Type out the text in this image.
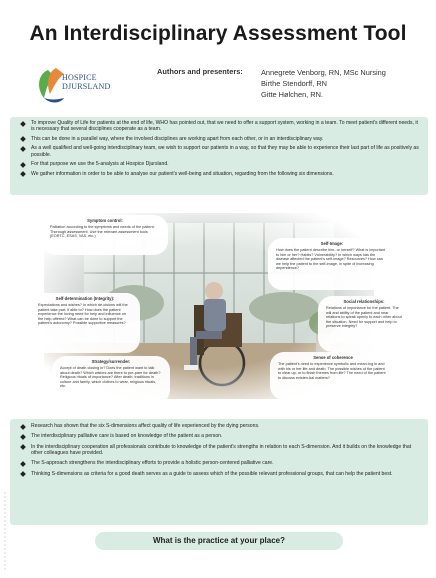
An Interdisciplinary Assessment Tool
HOSPICE
DJURSLAND
Authors and presenters: Annegrete Venborg, RN, MSc Nursing
Birthe Stendorff, RN
Gitte Hølchen, RN.
To improve Quality of Life for patients at the end of life, WHO has pointed out, that we need to offer a support system, working in a team. To meet patient's different needs, it is necessary that several disciplines cooperate as a team.
This can be done in a parallel way, where the involved disciplines are working apart from each other, or in an interdisciplinary way.
As a well qualified and well-going interdisciplinary team, we wish to support our patients in a way, so that they may be able to experience their last part of life as positively as possible.
For that purpose we use the 5-analysis at Hospice Djursland.
We gather information in order to be able to analyse our patient's well-being and situation, regarding from the following six dimensions.
Symptom control:
Palliation according to the symptoms and needs of the patient. Thorough assessment. Use the relevant assessment tools (EORTC, ESAS, VAS, etc.)
Self-Image:
How does the patient describe him- or herself? What is important to him or her? Habits? Vulnerability? In which ways has the disease affected the patient's self-image? Resources? How can we help the patient to the self-image, in spite of increasing dependence?
Self-determination (Integrity):
Expectations and wishes? In which de-cisions will the patient take part, if able to? How does the patient experience the loving need for help and influence on the help offered? What can be done to support the patient's autonomy? Possible supportive measures?
Social relationships:
Relations of importance for the patient. The will and ability of the patient and near relations to speak openly to each other about the situation. Need for support and help to preserve integrity?
Strategy/surrender:
Accept of death closing in? Does the patient want to talk about death? Which wishes are there to pre-pare for death? Religious rituals of importance? After death: traditions in culture and family, which clothes to wear, religious rituals, etc.
Sense of coherence
The patient's need to experience symbolic and mean-ing in and with his or her life and death. The possible wishes of the patient to clear up, or to finish themes from life? The need of the patient to discuss existen-tial matters?
Research has shown that the six S-dimensions affect quality of life experienced by the dying persons.
The interdisciplinary palliative care is based on knowledge of the patient as a person.
In the interdisciplinary cooperation all professionals contribute to knowledge of the patient's strengths in relation to each S-dimension. And it builds on the knowledge that other colleagues have provided.
The S-approach strengthens the interdisciplinary efforts to provide a holistic person-centered palliative care.
Thinking S-dimensions as criteria for a good death serves as a guide to assess which of the possible relevant professional groups, that can help the patient best.
What is the practice at your place?
